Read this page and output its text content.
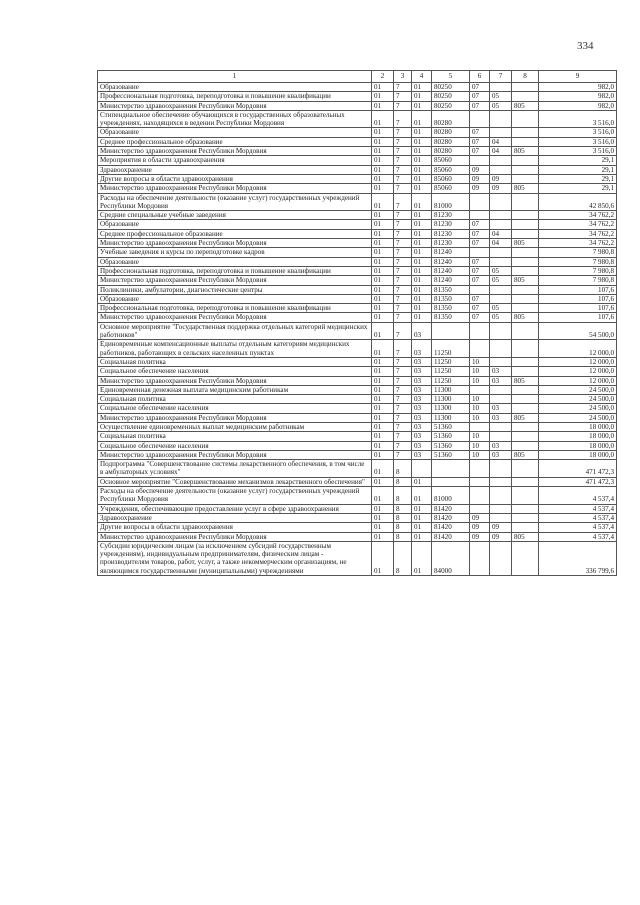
334
1	2	3	4	5	6	7	8	9
Образование	01	7	01	80250	07			982,0
Профессиональная подготовка, переподготовка и повышение квалификации	01	7	01	80250	07	05		982,0
Министерство здравоохранения Республики Мордовия	01	7	01	80250	07	05	805	982,0
Стипендиальное обеспечение обучающихся в государственных образовательных учреждениях, находящихся в ведении Республики Мордовия	01	7	01	80280				3 516,0
Образование	01	7	01	80280	07			3 516,0
Среднее профессиональное образование	01	7	01	80280	07	04		3 516,0
Министерство здравоохранения Республики Мордовия	01	7	01	80280	07	04	805	3 516,0
Мероприятия в области здравоохранения	01	7	01	85060				29,1
Здравоохранение	01	7	01	85060	09			29,1
Другие вопросы в области здравоохранения	01	7	01	85060	09	09		29,1
Министерство здравоохранения Республики Мордовия	01	7	01	85060	09	09	805	29,1
Расходы на обеспечение деятельности (оказание услуг) государственных учреждений Республики Мордовия	01	7	01	81000				42 850,6
Средние специальные учебные заведения	01	7	01	81230				34 762,2
Образование	01	7	01	81230	07			34 762,2
Среднее профессиональное образование	01	7	01	81230	07	04		34 762,2
Министерство здравоохранения Республики Мордовия	01	7	01	81230	07	04	805	34 762,2
Учебные заведения и курсы по переподготовке кадров	01	7	01	81240				7 980,8
Образование	01	7	01	81240	07			7 980,8
Профессиональная подготовка, переподготовка и повышение квалификации	01	7	01	81240	07	05		7 980,8
Министерство здравоохранения Республики Мордовия	01	7	01	81240	07	05	805	7 980,8
Поликлиники, амбулатории, диагностические центры	01	7	01	81350				107,6
Образование	01	7	01	81350	07			107,6
Профессиональная подготовка, переподготовка и повышение квалификации	01	7	01	81350	07	05		107,6
Министерство здравоохранения Республики Мордовия	01	7	01	81350	07	05	805	107,6
Основное мероприятие "Государственная поддержка отдельных категорий медицинских работников"	01	7	03					54 500,0
Единовременные компенсационные выплаты отдельным категориям медицинских работников, работающих в сельских населенных пунктах	01	7	03	11250				12 000,0
Социальная политика	01	7	03	11250	10			12 000,0
Социальное обеспечение населения	01	7	03	11250	10	03		12 000,0
Министерство здравоохранения Республики Мордовия	01	7	03	11250	10	03	805	12 000,0
Единовременная денежная выплата медицинским работникам	01	7	03	11300				24 500,0
Социальная политика	01	7	03	11300	10			24 500,0
Социальное обеспечение населения	01	7	03	11300	10	03		24 500,0
Министерство здравоохранения Республики Мордовия	01	7	03	11300	10	03	805	24 500,0
Осуществление единовременных выплат медицинским работникам	01	7	03	51360				18 000,0
Социальная политика	01	7	03	51360	10			18 000,0
Социальное обеспечение населения	01	7	03	51360	10	03		18 000,0
Министерство здравоохранения Республики Мордовия	01	7	03	51360	10	03	805	18 000,0
Подпрограмма "Совершенствование системы лекарственного обеспечения, в том числе в амбулаторных условиях"	01	8						471 472,3
Основное мероприятие "Совершенствование механизмов лекарственного обеспечения"	01	8	01					471 472,3
Расходы на обеспечение деятельности (оказание услуг) государственных учреждений Республики Мордовия	01	8	01	81000				4 537,4
Учреждения, обеспечивающие предоставление услуг в сфере здравоохранения	01	8	01	81420				4 537,4
Здравоохранение	01	8	01	81420	09			4 537,4
Другие вопросы в области здравоохранения	01	8	01	81420	09	09		4 537,4
Министерство здравоохранения Республики Мордовия	01	8	01	81420	09	09	805	4 537,4
Субсидии юридическим лицам (за исключением субсидий государственным учреждениям), индивидуальным предпринимателям, физическим лицам - производителям товаров, работ, услуг, а также некоммерческим организациям, не являющимся государственными (муниципальными) учреждениями	01	8	01	84000				336 799,6
